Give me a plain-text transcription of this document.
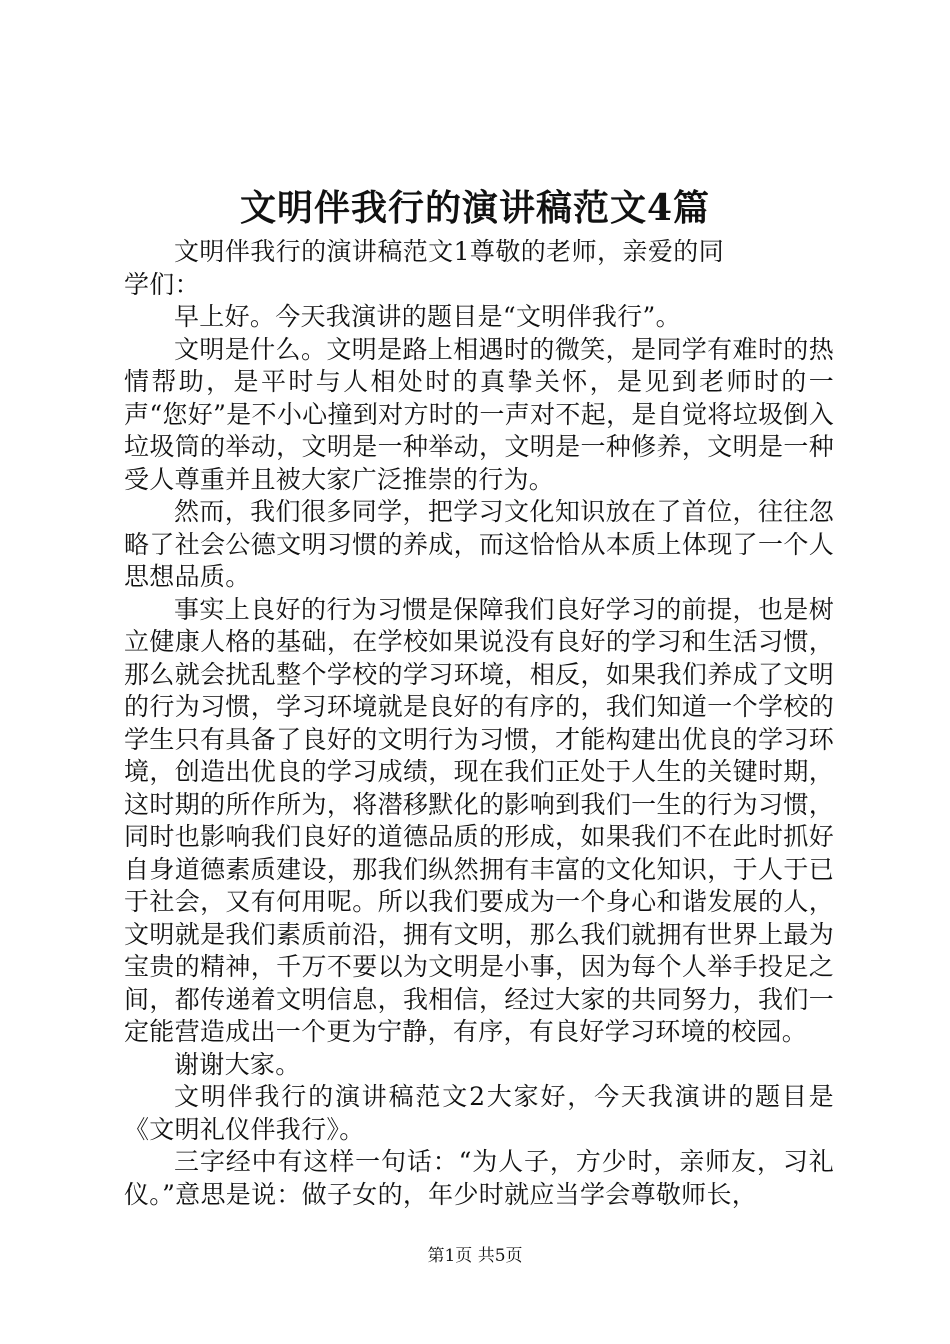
文明伴我行的演讲稿范文4篇

文明伴我行的演讲稿范文1尊敬的老师，亲爱的同学们：

早上好。今天我演讲的题目是“文明伴我行”。

文明是什么。文明是路上相遇时的微笑，是同学有难时的热情帮助，是平时与人相处时的真挚关怀，是见到老师时的一声“您好”是不小心撞到对方时的一声对不起，是自觉将垃圾倒入垃圾筒的举动，文明是一种举动，文明是一种修养，文明是一种受人尊重并且被大家广泛推崇的行为。

然而，我们很多同学，把学习文化知识放在了首位，往往忽略了社会公德文明习惯的养成，而这恰恰从本质上体现了一个人思想品质。

事实上良好的行为习惯是保障我们良好学习的前提，也是树立健康人格的基础，在学校如果说没有良好的学习和生活习惯，那么就会扰乱整个学校的学习环境，相反，如果我们养成了文明的行为习惯，学习环境就是良好的有序的，我们知道一个学校的学生只有具备了良好的文明行为习惯，才能构建出优良的学习环境，创造出优良的学习成绩，现在我们正处于人生的关键时期，这时期的所作所为，将潜移默化的影响到我们一生的行为习惯，同时也影响我们良好的道德品质的形成，如果我们不在此时抓好自身道德素质建设，那我们纵然拥有丰富的文化知识，于人于已于社会，又有何用呢。所以我们要成为一个身心和谐发展的人，文明就是我们素质前沿，拥有文明，那么我们就拥有世界上最为宝贵的精神，千万不要以为文明是小事，因为每个人举手投足之间，都传递着文明信息，我相信，经过大家的共同努力，我们一定能营造成出一个更为宁静，有序，有良好学习环境的校园。

谢谢大家。

文明伴我行的演讲稿范文2大家好，今天我演讲的题目是《文明礼仪伴我行》。

三字经中有这样一句话：“为人子，方少时，亲师友，习礼仪。”意思是说：做子女的，年少时就应当学会尊敬师长，

第1页 共5页
